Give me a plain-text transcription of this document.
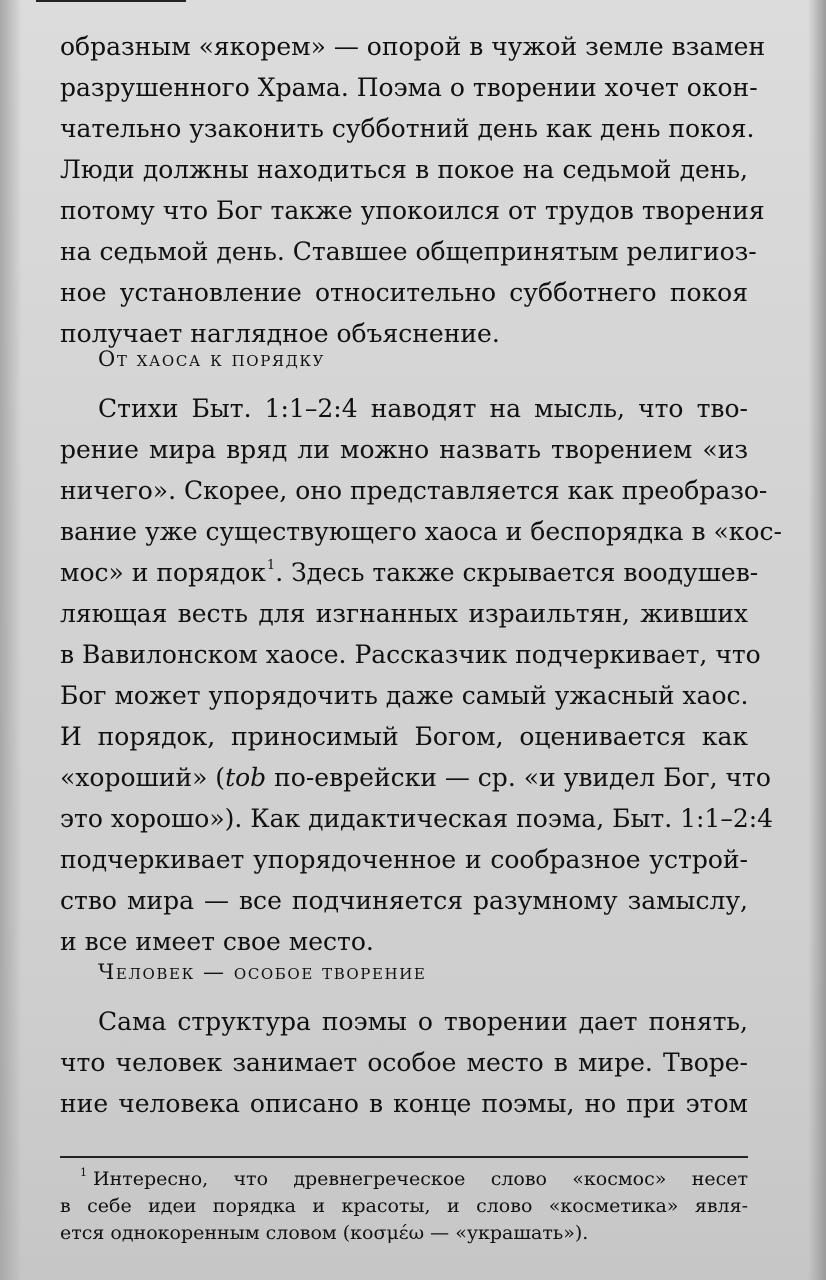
образным «якорем» — опорой в чужой земле взамен
разрушенного Храма. Поэма о творении хочет окон-
чательно узаконить субботний день как день покоя.
Люди должны находиться в покое на седьмой день,
потому что Бог также упокоился от трудов творения
на седьмой день. Ставшее общепринятым религиоз-
ное установление относительно субботнего покоя
получает наглядное объяснение.
От хаоса к порядку
Стихи Быт. 1:1–2:4 наводят на мысль, что тво-
рение мира вряд ли можно назвать творением «из
ничего». Скорее, оно представляется как преобразо-
вание уже существующего хаоса и беспорядка в «кос-
мос» и порядок$^1$. Здесь также скрывается воодушев-
ляющая весть для изгнанных израильтян, живших
в Вавилонском хаосе. Рассказчик подчеркивает, что
Бог может упорядочить даже самый ужасный хаос.
И порядок, приносимый Богом, оценивается как
«хороший» (tob по-еврейски — ср. «и увидел Бог, что
это хорошо»). Как дидактическая поэма, Быт. 1:1–2:4
подчеркивает упорядоченное и сообразное устрой-
ство мира — все подчиняется разумному замыслу,
и все имеет свое место.
Человек — особое творение
Сама структура поэмы о творении дает понять,
что человек занимает особое место в мире. Творе-
ние человека описано в конце поэмы, но при этом
$^1$ Интересно, что древнегреческое слово «космос» несет
в себе идеи порядка и красоты, и слово «косметика» явля-
ется однокоренным словом (κοσμέω — «украшать»).
